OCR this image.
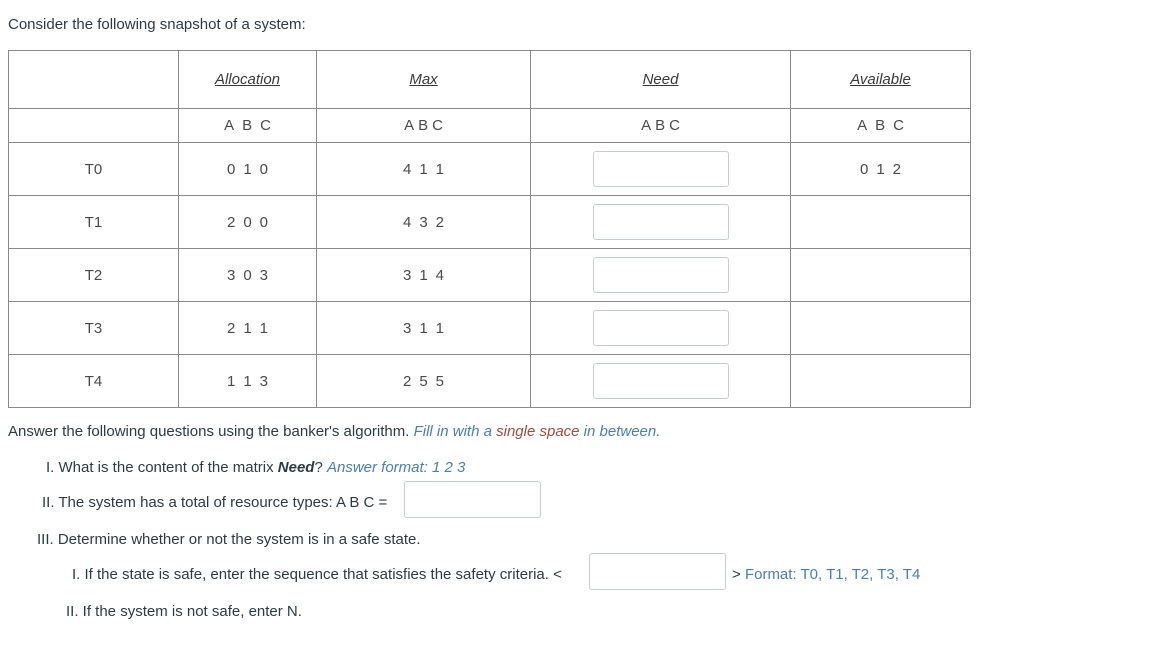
Consider the following snapshot of a system:
	Allocation	Max	Need	Available
	A B C	A B C	A B C	A B C
T0	0 1 0	4 1 1		0 1 2
T1	2 0 0	4 3 2		
T2	3 0 3	3 1 4		
T3	2 1 1	3 1 1		
T4	1 1 3	2 5 5		
Answer the following questions using the banker's algorithm. Fill in with a single space in between.
I. What is the content of the matrix Need? Answer format: 1 2 3
II. The system has a total of resource types: A B C =
III. Determine whether or not the system is in a safe state.
I. If the state is safe, enter the sequence that satisfies the safety criteria. <	> Format: T0, T1, T2, T3, T4
II. If the system is not safe, enter N.
